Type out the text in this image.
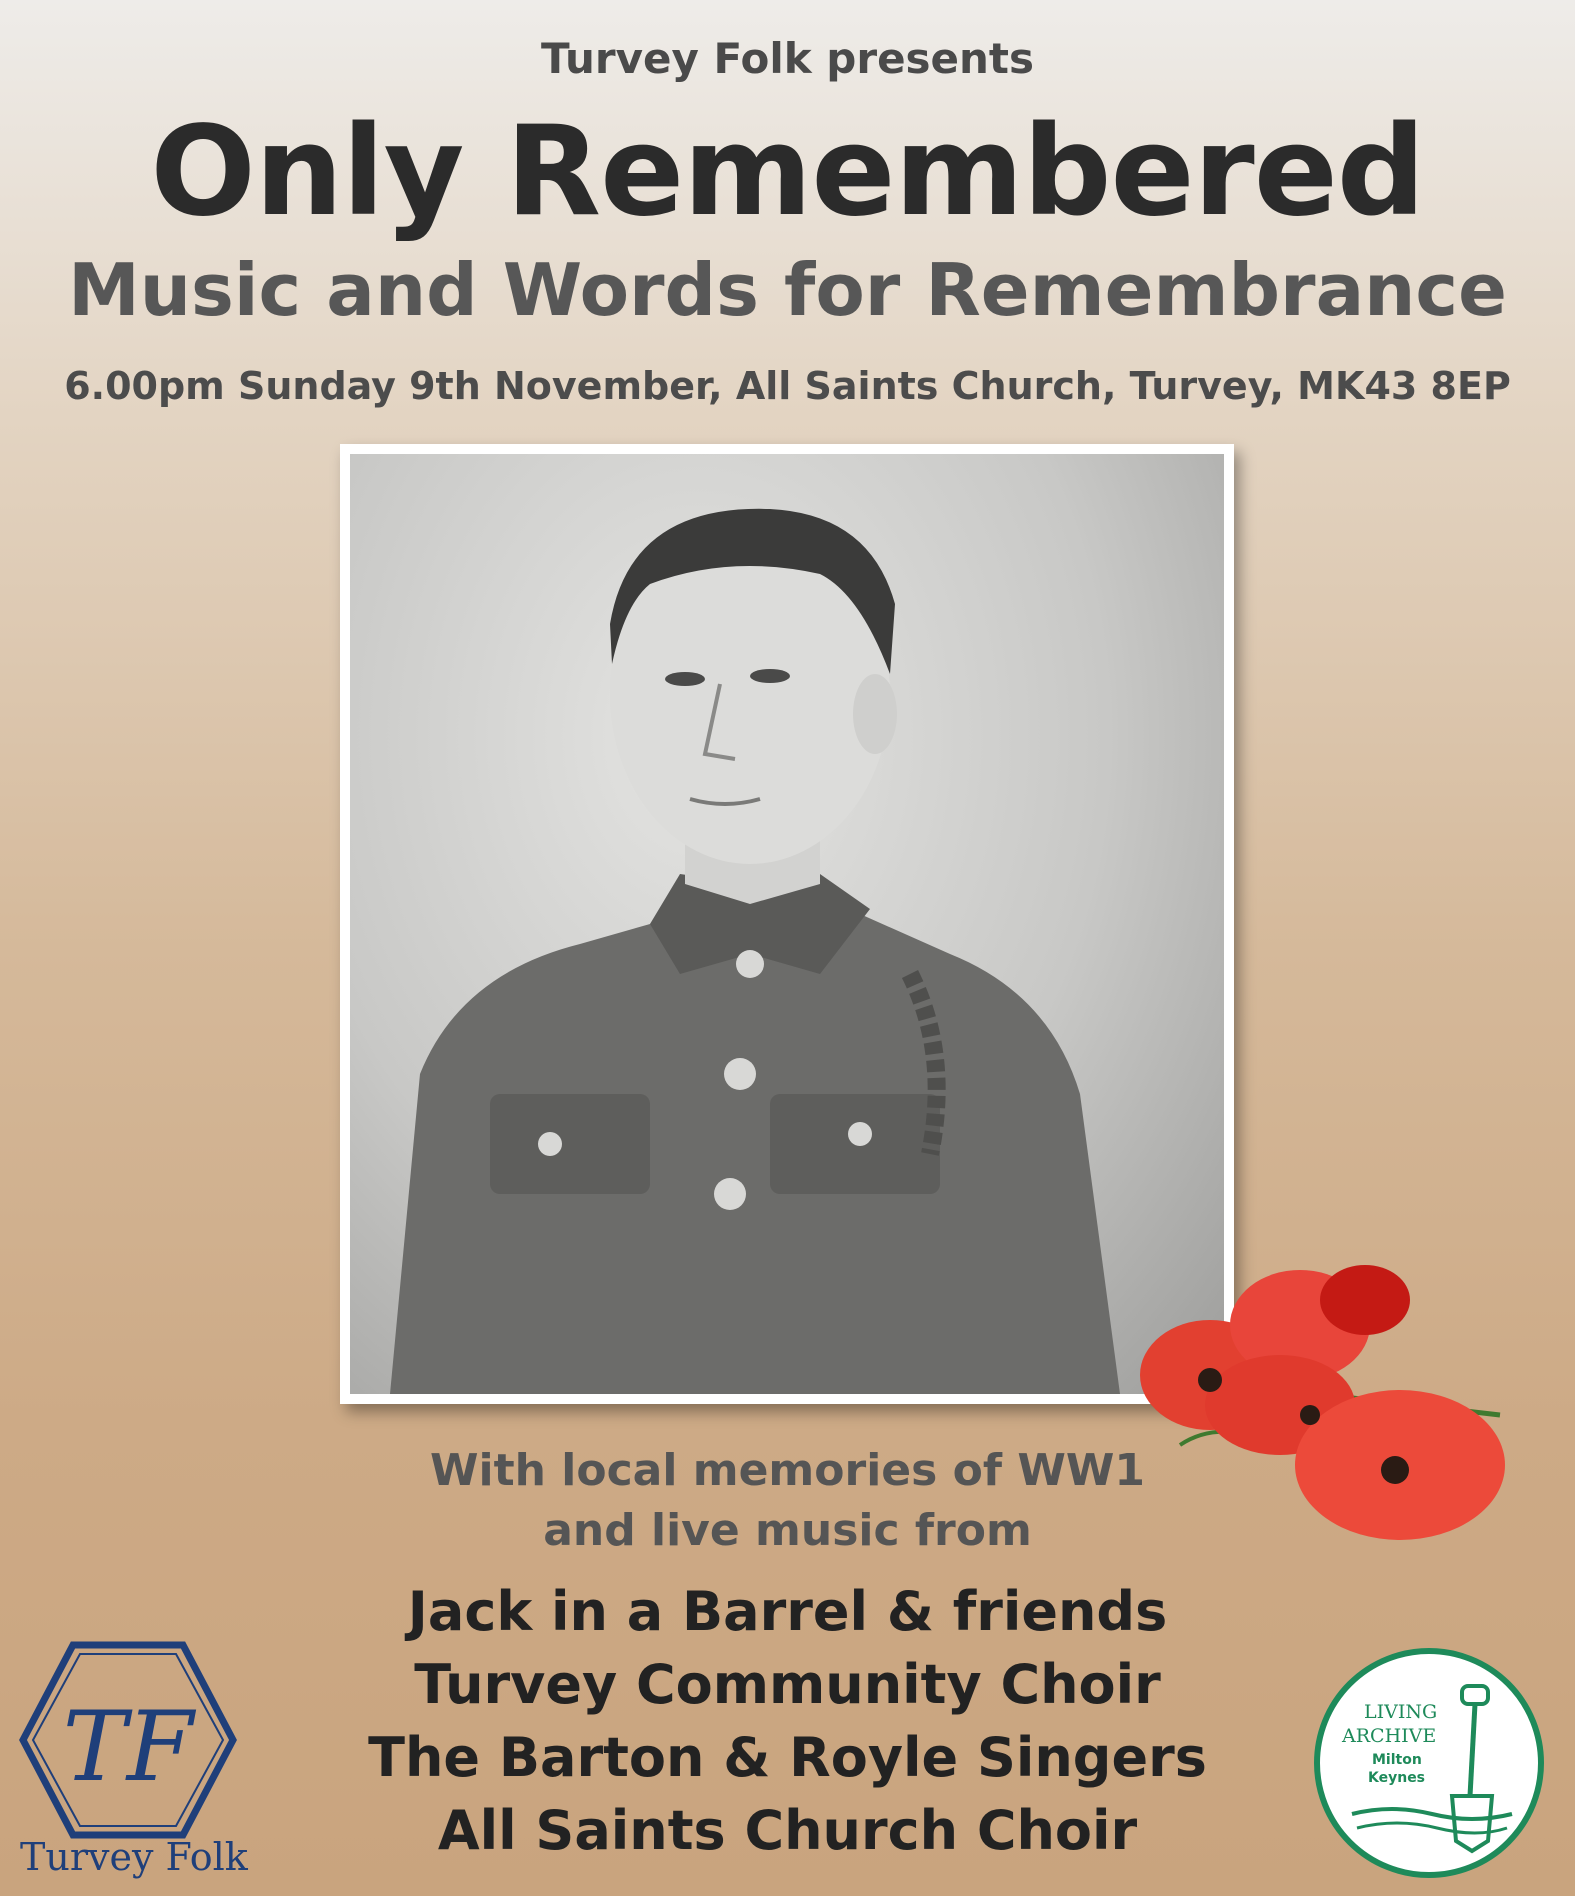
Turvey Folk presents
Only Remembered
Music and Words for Remembrance
6.00pm Sunday 9th November, All Saints Church, Turvey, MK43 8EP
With local memories of WW1
and live music from
Jack in a Barrel & friends
Turvey Community Choir
The Barton & Royle Singers
All Saints Church Choir
TF
Turvey Folk
LIVING
ARCHIVE
Milton
Keynes
